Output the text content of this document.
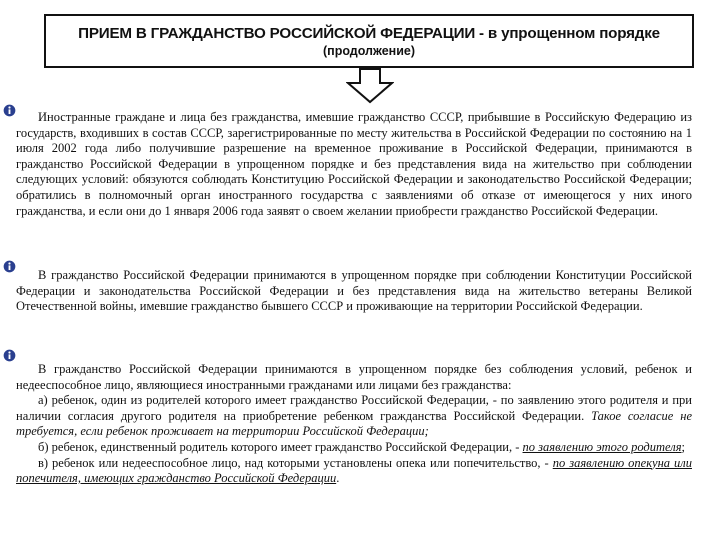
ПРИЕМ В ГРАЖДАНСТВО РОССИЙСКОЙ ФЕДЕРАЦИИ - в упрощенном порядке
(продолжение)
Иностранные граждане и лица без гражданства, имевшие гражданство СССР, прибывшие в Российскую Федерацию из государств, входивших в состав СССР, зарегистрированные по месту жительства в Российской Федерации по состоянию на 1 июля 2002 года либо получившие разрешение на временное проживание в Российской Федерации, принимаются в гражданство Российской Федерации в упрощенном порядке и без представления вида на жительство при соблюдении следующих условий: обязуются соблюдать Конституцию Российской Федерации и законодательство Российской Федерации; обратились в полномочный орган иностранного государства с заявлениями об отказе от имеющегося у них иного гражданства, и если они до 1 января 2006 года заявят о своем желании приобрести гражданство Российской Федерации.
В гражданство Российской Федерации принимаются в упрощенном порядке при соблюдении Конституции Российской Федерации и законодательства Российской Федерации и без представления вида на жительство ветераны Великой Отечественной войны, имевшие гражданство бывшего СССР и проживающие на территории Российской Федерации.
В гражданство Российской Федерации принимаются в упрощенном порядке без соблюдения условий, ребенок и недееспособное лицо, являющиеся иностранными гражданами или лицами без гражданства:
а) ребенок, один из родителей которого имеет гражданство Российской Федерации, - по заявлению этого родителя и при наличии согласия другого родителя на приобретение ребенком гражданства Российской Федерации. Такое согласие не требуется, если ребенок проживает на территории Российской Федерации;
б) ребенок, единственный родитель которого имеет гражданство Российской Федерации, - по заявлению этого родителя;
в) ребенок или недееспособное лицо, над которыми установлены опека или попечительство, - по заявлению опекуна или попечителя, имеющих гражданство Российской Федерации.
